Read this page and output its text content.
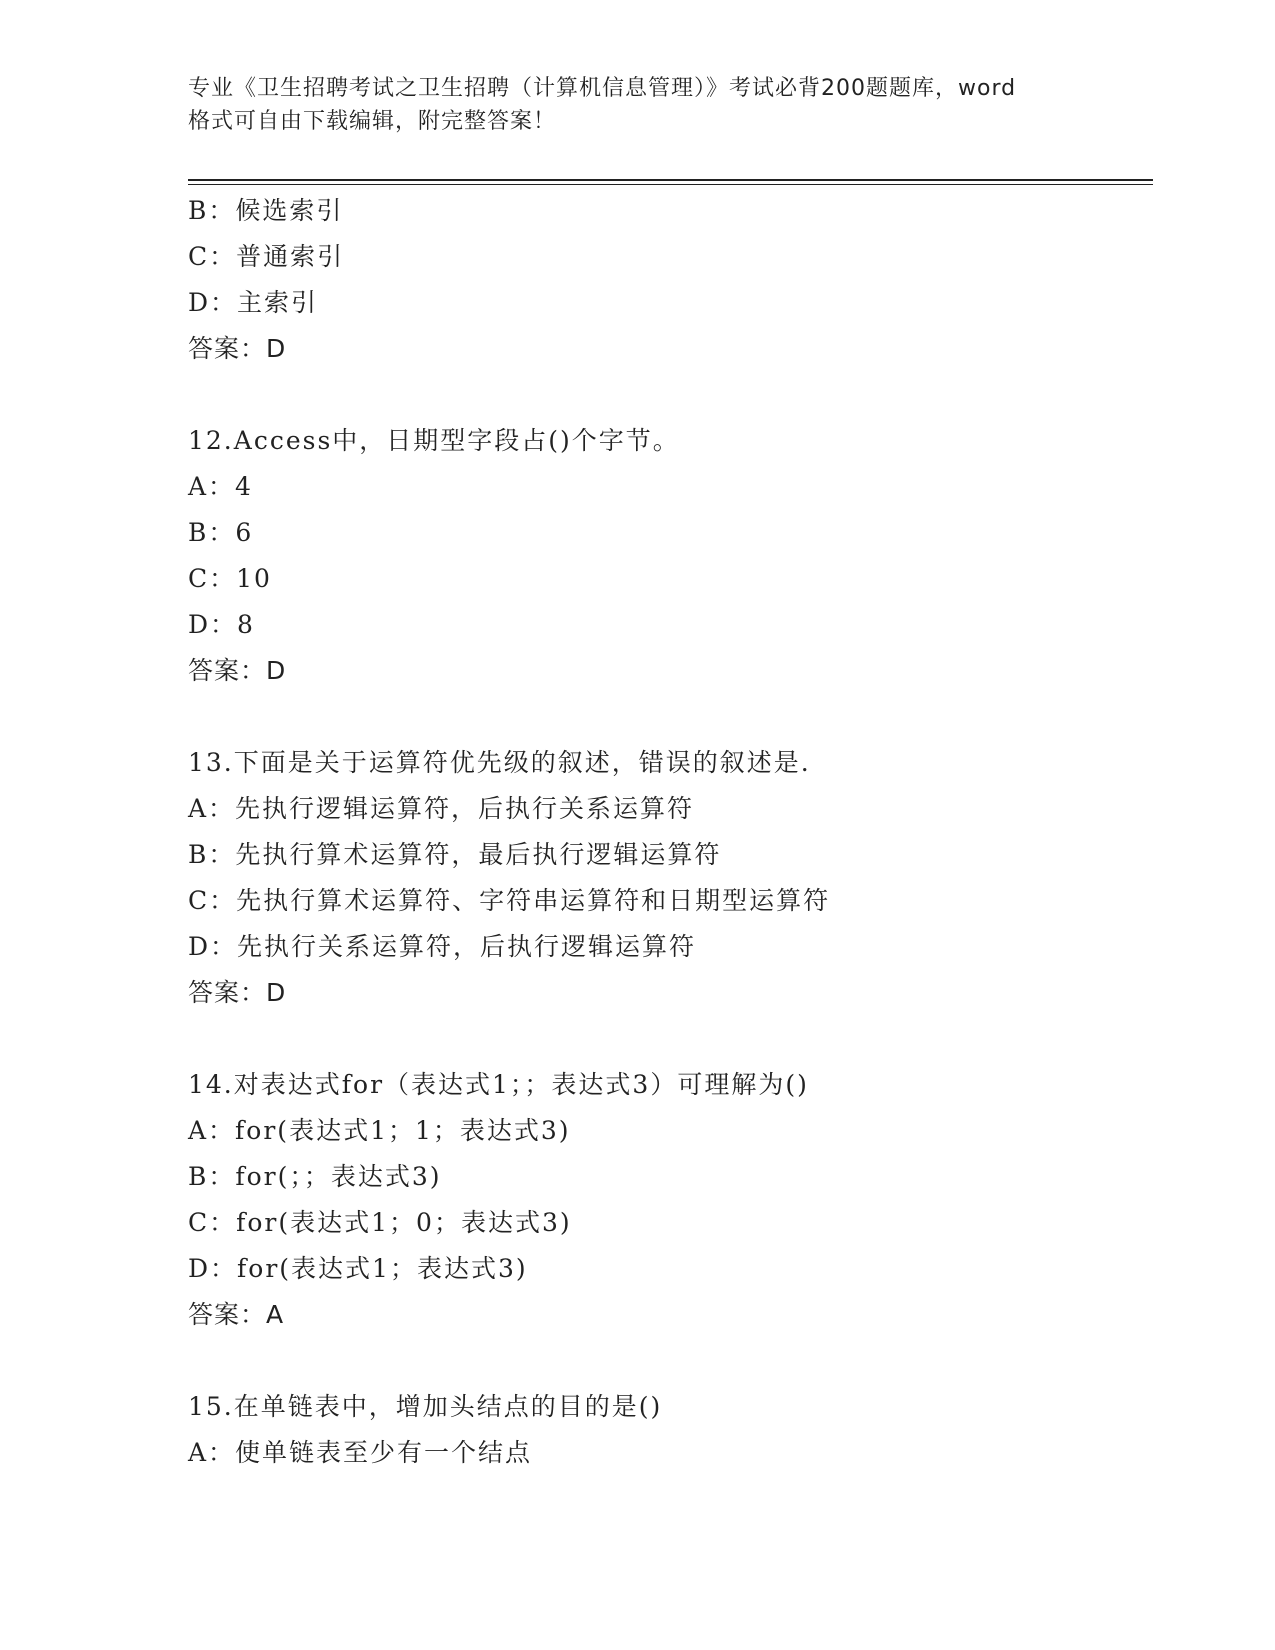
专业《卫生招聘考试之卫生招聘（计算机信息管理）》考试必背200题题库，word
格式可自由下载编辑，附完整答案！
B：候选索引
C：普通索引
D：主索引
答案：D
12.Access中，日期型字段占()个字节。
A：4
B：6
C：10
D：8
答案：D
13.下面是关于运算符优先级的叙述，错误的叙述是.
A：先执行逻辑运算符，后执行关系运算符
B：先执行算术运算符，最后执行逻辑运算符
C：先执行算术运算符、字符串运算符和日期型运算符
D：先执行关系运算符，后执行逻辑运算符
答案：D
14.对表达式for（表达式1；；表达式3）可理解为()
A：for(表达式1；1；表达式3)
B：for(；；表达式3)
C：for(表达式1；0；表达式3)
D：for(表达式1；表达式3)
答案：A
15.在单链表中，增加头结点的目的是()
A：使单链表至少有一个结点
